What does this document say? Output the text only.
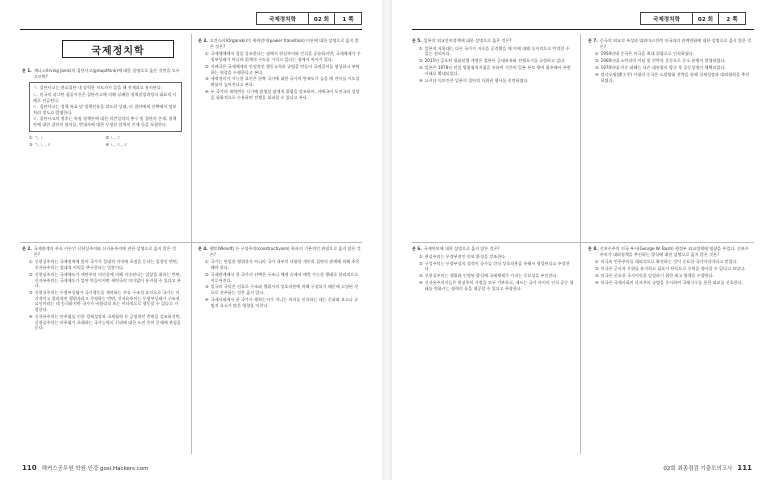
국제정치학	02 회	1 쪽
국제정치학
문 1. 재니스(Irving Janis)의 집단사고(groupthink)에 대한 설명으로 옳은 것만을 모두 고르면?
ㄱ. 집단사고는 관료집단 내 강력한 지도자가 있을 때 전제되고 유지된다.
ㄴ. 미국의 피그만 침공사건은 집단사고에 의해 실패한 정책결정과정의 대표적 사례로 언급된다.
ㄷ. 집단사고는 정책 특효 및 정책선통을 과도한 상태, 타 집단에게 선택에서 정보처리 정도로 발생한다.
ㄹ. 집단사고의 정후는 특정 정책안에 대한 의견일치의 추구 및 집단의 존재, 정책안에 대한 집단의 합의를, 반대자에 대한 무정한 압력의 존재 등을 포함한다.
① ㄱ, ㄴ	② ㄴ, ㄷ
③ ㄱ, ㄴ, ㄹ	④ ㄴ, ㄷ, ㄹ
문 3. 오간스키(Organski)의 세력전이(power transition) 이론에 대한 설명으로 옳지 않은 것은?
① 국제체제에서 힘을 강조한다는 점에서 현실주의와 인식을 공유하지만, 국제체제가 무정부상태가 아니라 위계적 구도를 가지고 있다는 점에서 차이가 있다.
② 지배국은 국제체제의 안정적인 행동규칙과 규범을 만들어 국제질서를 형성하고 부여하는 역할을 수행한다고 본다.
③ 세력전이가 가능한 요인은 한쪽 국가에 대한 국가의 만족도가 높을 때 전이를 시도할 확률이 높아진다고 본다.
④ 두 국가의 세력변동 시기에 발생할 잠재적 위험을 강조하며, 지배국이 도전국의 성장을 평화적으로 수용하면 전쟁을 회피할 수 있다고 본다.
문 2. 국제관계의 주요 이론인 신현실주의와 신자유주의에 관한 설명으로 옳지 않은 것은?
① 신현실주의는 국제정치에 있어 국가가 상대적 이익에 초점을 둔다는 입장인 반면, 신자유주의는 절대적 이익을 추구한다는 입장이다.
② 신현실주의는 국제체도가 세련주의 의미상에 의해 지속된다는 입장을 취하는 반면, 신자유주의는 국제제도가 일단 만들어지면 세련국의 의미없이 유지될 수 있다고 본다.
③ 신현실주의는 무정부상태가 국가행동을 제약하는 주요 구조적 요인으로 국가는 이기적이고 합리적인 행위자라고 가정하는 반면, 신자유주의는 무정부상태가 구조적 요인이라는 데 동의하지만 국가가 비합리적 또는 이타적으로 행동할 수 있다고 가정한다.
④ 신자유주의는 미주휘를 인한 경제성장과 국제협력 등 긍정적인 측면을 강조하지만, 신현실주의는 미주휘가 초래하는 국가능력의 신뢰에 대한 도전 등의 문제에 관심을 둔다.
문 4. 웬트(Wendt) 등 구성주의(constructivism) 학파의 기본적인 관점으로 옳지 않은 것은?
① 국가는 단일한 행위자가 아니라 국가 내부의 다양한 개인과 집단의 관계에 의해 주목해야 한다.
② 국제관계에서 한 국가의 선택은 구조나 체제 속에서 예측 가능한 행태로 합리적으로 이루어진다.
③ 일국의 국익은 선호로 구조와 행위자의 상호작용에 의해 구성되기 때문에 고정된 것으로 간주하는 것은 옳지 않다.
④ 국제사회에서 한 국가가 행하는지가 지니는 의미를 인식하는 데는 문화와 요소나 규범적 요소가 많은 영향을 미친다.
110 해커스공무원 학원·인강 gosi.Hackers.com
국제정치학	02 회	2 쪽
문 5. 일본의 외교안보정책에 대한 설명으로 옳은 것은?
① 일본의 자위대는 다른 국가가 지속을 공격했을 때 이에 대해 독자적으로 반격할 수 있는 권리이다.
② 2015년 공포된 평화헌법 개정은 일본이 군대보유와 전쟁포기를 규정하고 있다.
③ 일본은 1978년 미일 방위협력지침을 통하여 기존의 일본 본토 방어 위주에서 주변사태로 확대되었다.
④ 요시다 독트린은 일본의 집단적 자위권 행사를 선언하였다.
문 7. 중국의 외교적 특성과 대외마스전략 미국과의 관계변화에 대한 설명으로 옳지 않은 것은?
① 1950년대 중국은 미국을 최대 위협으로 인식하였다.
② 1960년대 소련과의 이념 및 전략적 갈등으로 중소 분쟁이 발생하였다.
③ 1970년대 미중 화해는 닉슨 대통령의 방중 후 공동성명이 채택되었다.
④ 덩샤오핑(鄧小平) 시대의 중국은 도광양회 전략을 통해 경제성장과 대외협력을 추진하였다.
문 6. 국제안보에 대한 설명으로 옳지 않은 것은?
① 현실주의는 무정부적인 안보 환경을 강조한다.
② 구성주의는 무정부성의 성격이 국가들 간의 상호작용을 통해서 형성된다고 주장한다.
③ 신현실주의는 행위와 인정된 방식에 국제체제가 가지는 중요성을 부인한다.
④ 신자유주의자들은 현실주의 가정을 모두 거부하고, 제도는 국가 사이의 인식 공동 생태를 변화시는 협력의 틀을 제공할 수 있다고 주장한다.
문 8. 신보수주의 미국 부시(George W. Bush) 행정부 외교정책에 영향을 주었다. 신보수주의가 대외정책을 추진하는 방식에 대한 설명으로 옳지 않은 것은?
① 미국의 민주주의를 대외적으로 확산하는 것이 중요한 국가이익이라고 믿었다.
② 미국은 군사적 우위를 유지하고 필요시 단독으로 무력을 행사할 수 있다고 보았다.
③ 미국은 중요한 국가이익을 달성하기 위한 최고 방책을 수행한다.
④ 미국은 국제사회의 다자주의 규범을 중시하여 국제기구를 통한 외교를 선호한다.
02회 최종점검 기출모의고사 111
